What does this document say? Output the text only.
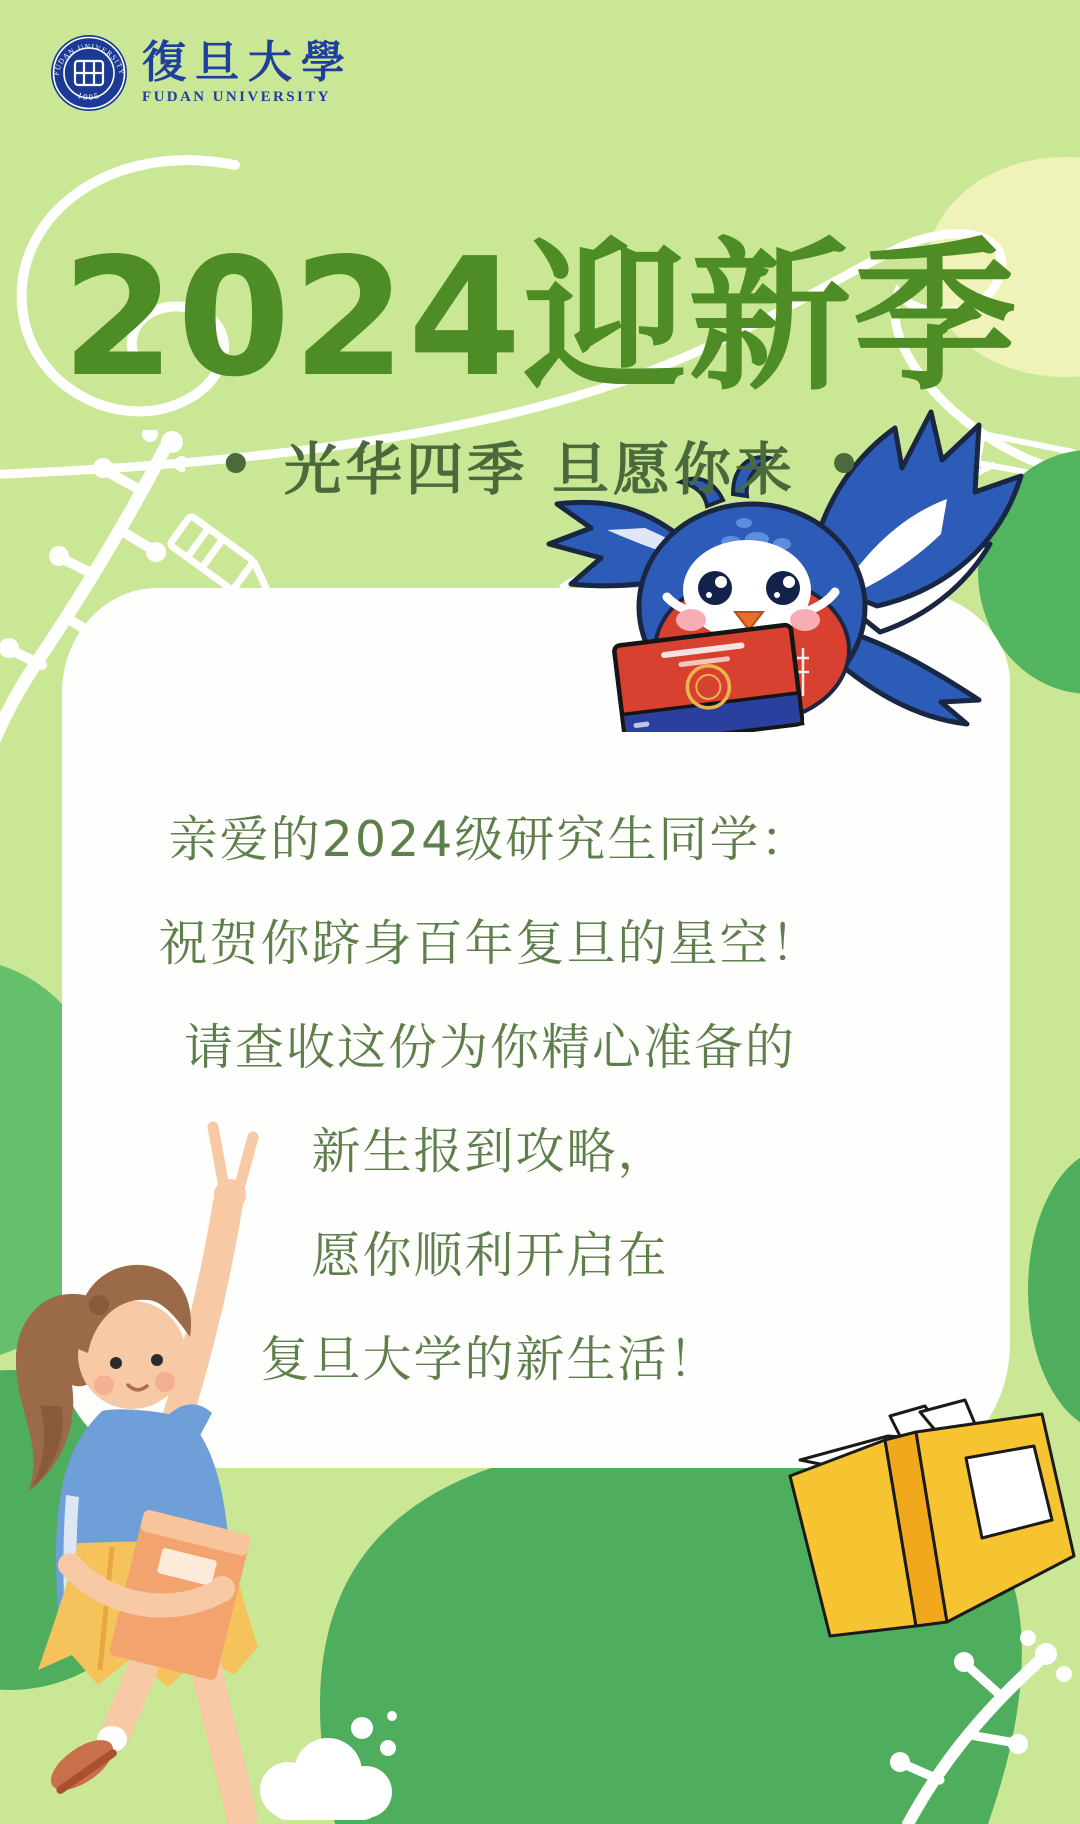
亲爱的2024级研究生同学：
祝贺你跻身百年复旦的星空！
请查收这份为你精心准备的
新生报到攻略，
愿你顺利开启在
复旦大学的新生活！
FUDAN UNIVERSITY
1905
復旦大學
FUDAN UNIVERSITY
2024迎新季
• 光华四季 旦愿你来 •
